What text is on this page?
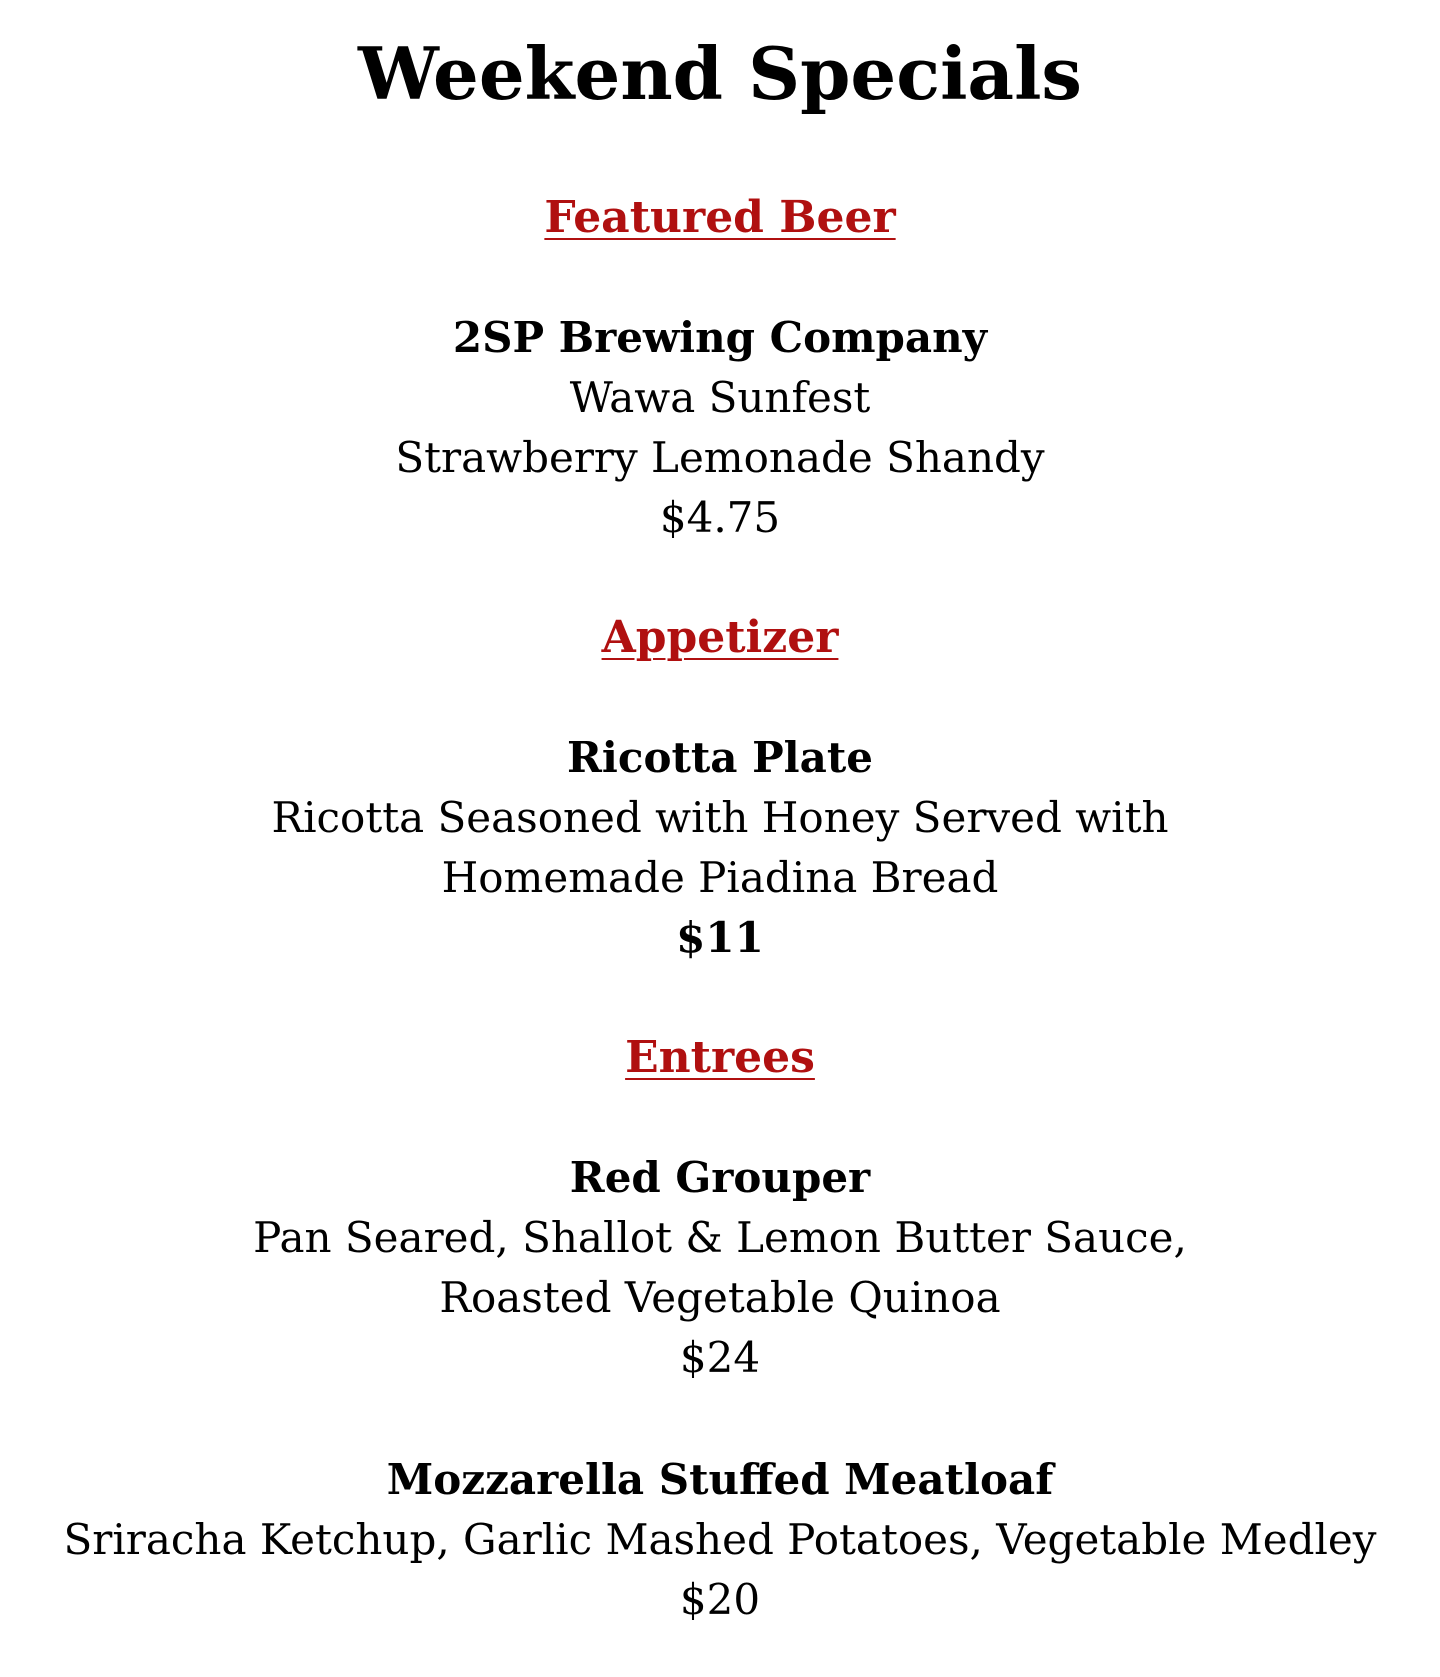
Weekend Specials

Featured Beer

2SP Brewing Company

Wawa Sunfest

Strawberry Lemonade Shandy

$4.75

Appetizer

Ricotta Plate

Ricotta Seasoned with Honey Served with

Homemade Piadina Bread

$11

Entrees

Red Grouper

Pan Seared, Shallot & Lemon Butter Sauce,

Roasted Vegetable Quinoa

$24

Mozzarella Stuffed Meatloaf

Sriracha Ketchup, Garlic Mashed Potatoes, Vegetable Medley

$20
